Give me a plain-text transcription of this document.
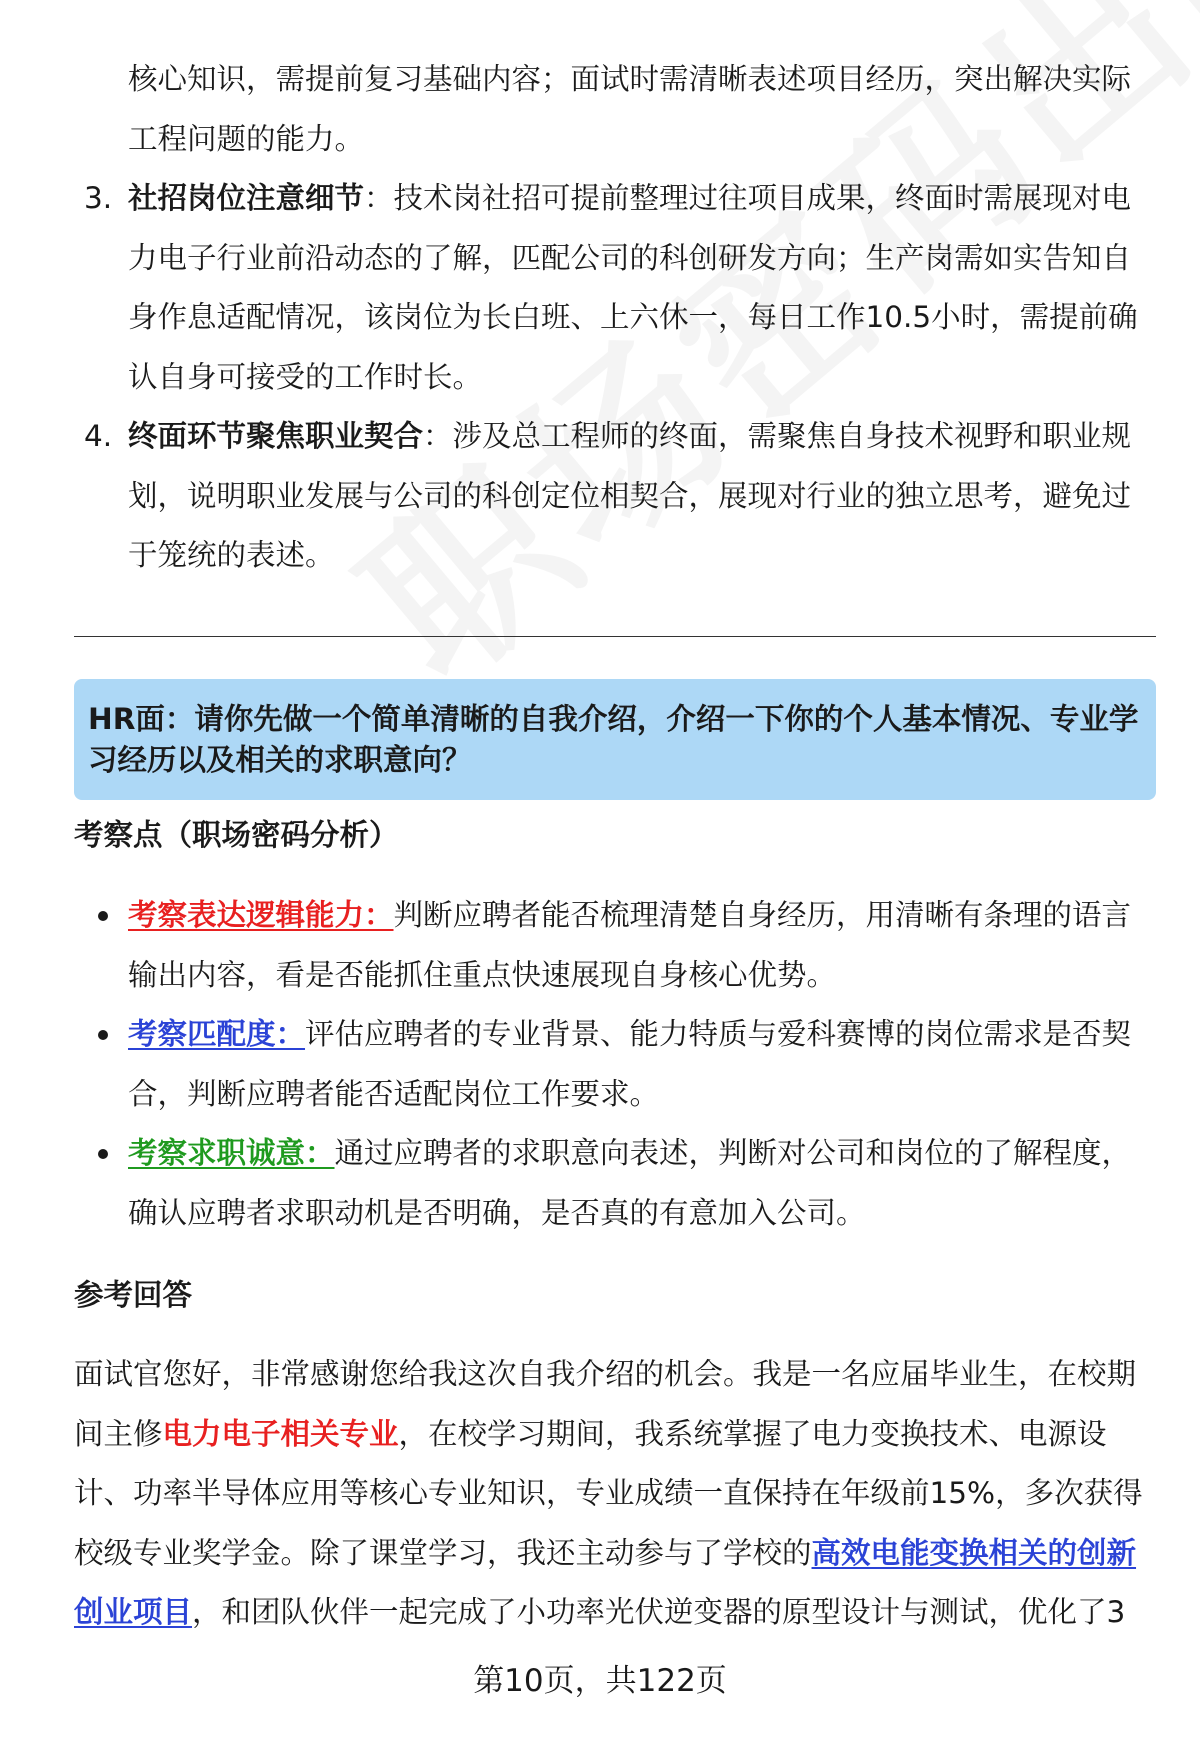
核心知识，需提前复习基础内容；面试时需清晰表述项目经历，突出解决实际工程问题的能力。
3. 社招岗位注意细节：技术岗社招可提前整理过往项目成果，终面时需展现对电力电子行业前沿动态的了解，匹配公司的科创研发方向；生产岗需如实告知自身作息适配情况，该岗位为长白班、上六休一，每日工作10.5小时，需提前确认自身可接受的工作时长。
4. 终面环节聚焦职业契合：涉及总工程师的终面，需聚焦自身技术视野和职业规划，说明职业发展与公司的科创定位相契合，展现对行业的独立思考，避免过于笼统的表述。
HR面：请你先做一个简单清晰的自我介绍，介绍一下你的个人基本情况、专业学习经历以及相关的求职意向？
考察点（职场密码分析）
考察表达逻辑能力：判断应聘者能否梳理清楚自身经历，用清晰有条理的语言输出内容，看是否能抓住重点快速展现自身核心优势。
考察匹配度：评估应聘者的专业背景、能力特质与爱科赛博的岗位需求是否契合，判断应聘者能否适配岗位工作要求。
考察求职诚意：通过应聘者的求职意向表述，判断对公司和岗位的了解程度，确认应聘者求职动机是否明确，是否真的有意加入公司。
参考回答
面试官您好，非常感谢您给我这次自我介绍的机会。我是一名应届毕业生，在校期间主修电力电子相关专业，在校学习期间，我系统掌握了电力变换技术、电源设计、功率半导体应用等核心专业知识，专业成绩一直保持在年级前15%，多次获得校级专业奖学金。除了课堂学习，我还主动参与了学校的高效电能变换相关的创新创业项目，和团队伙伴一起完成了小功率光伏逆变器的原型设计与测试，优化了3
第10页，共122页
